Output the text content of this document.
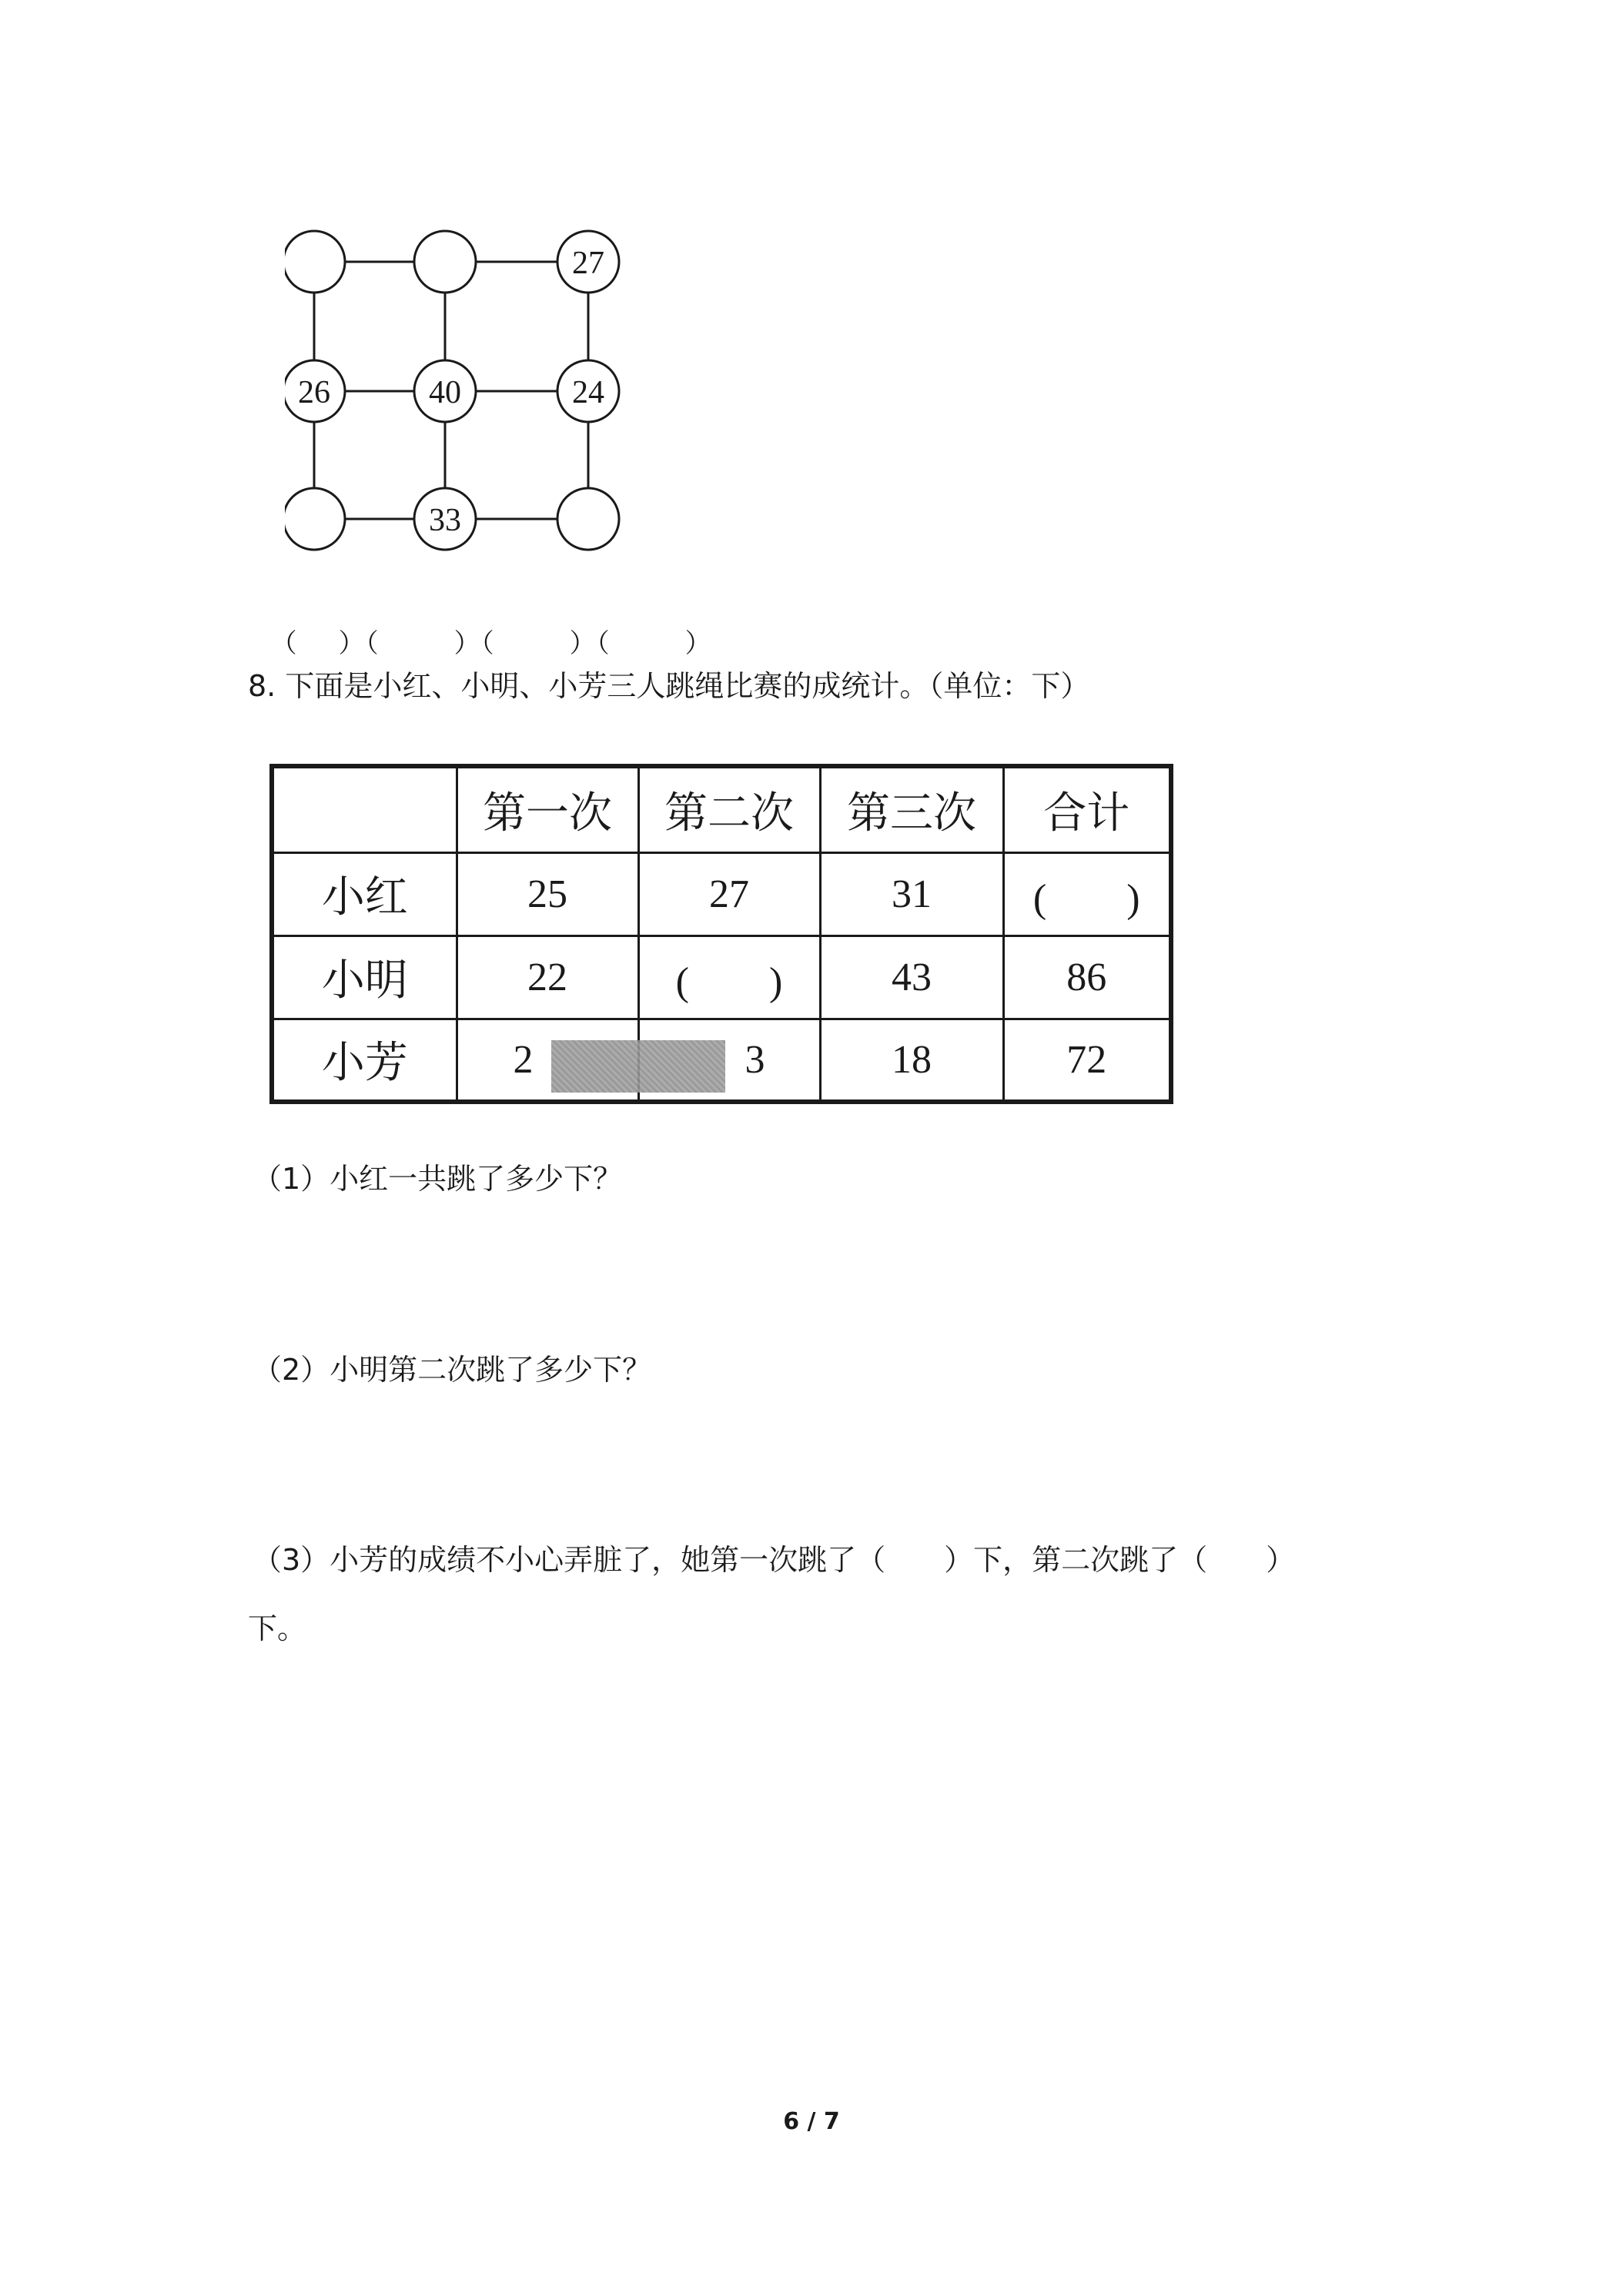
27
26	40	24
33

（ ）（	）（	）（	）

8. 下面是小红、小明、小芳三人跳绳比赛的成统计。（单位：下）
	第一次	第二次	第三次	合计
小红	25	27	31	(　　)
小明	22	(　　)	43	86
小芳	2	3	18	72
（1）小红一共跳了多少下？
（2）小明第二次跳了多少下？
（3）小芳的成绩不小心弄脏了，她第一次跳了（　　）下，第二次跳了（　　）
下。
6 / 7
